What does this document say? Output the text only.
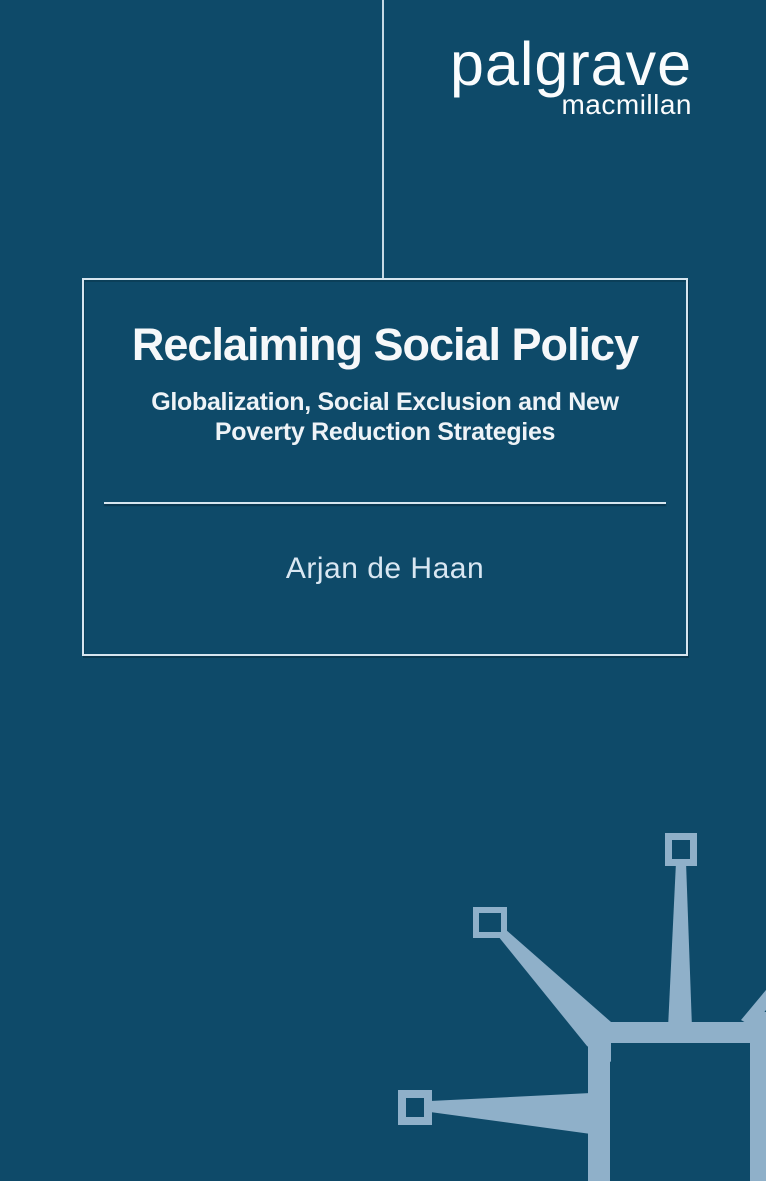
palgrave
macmillan
Reclaiming Social Policy
Globalization, Social Exclusion and New
Poverty Reduction Strategies
Arjan de Haan
